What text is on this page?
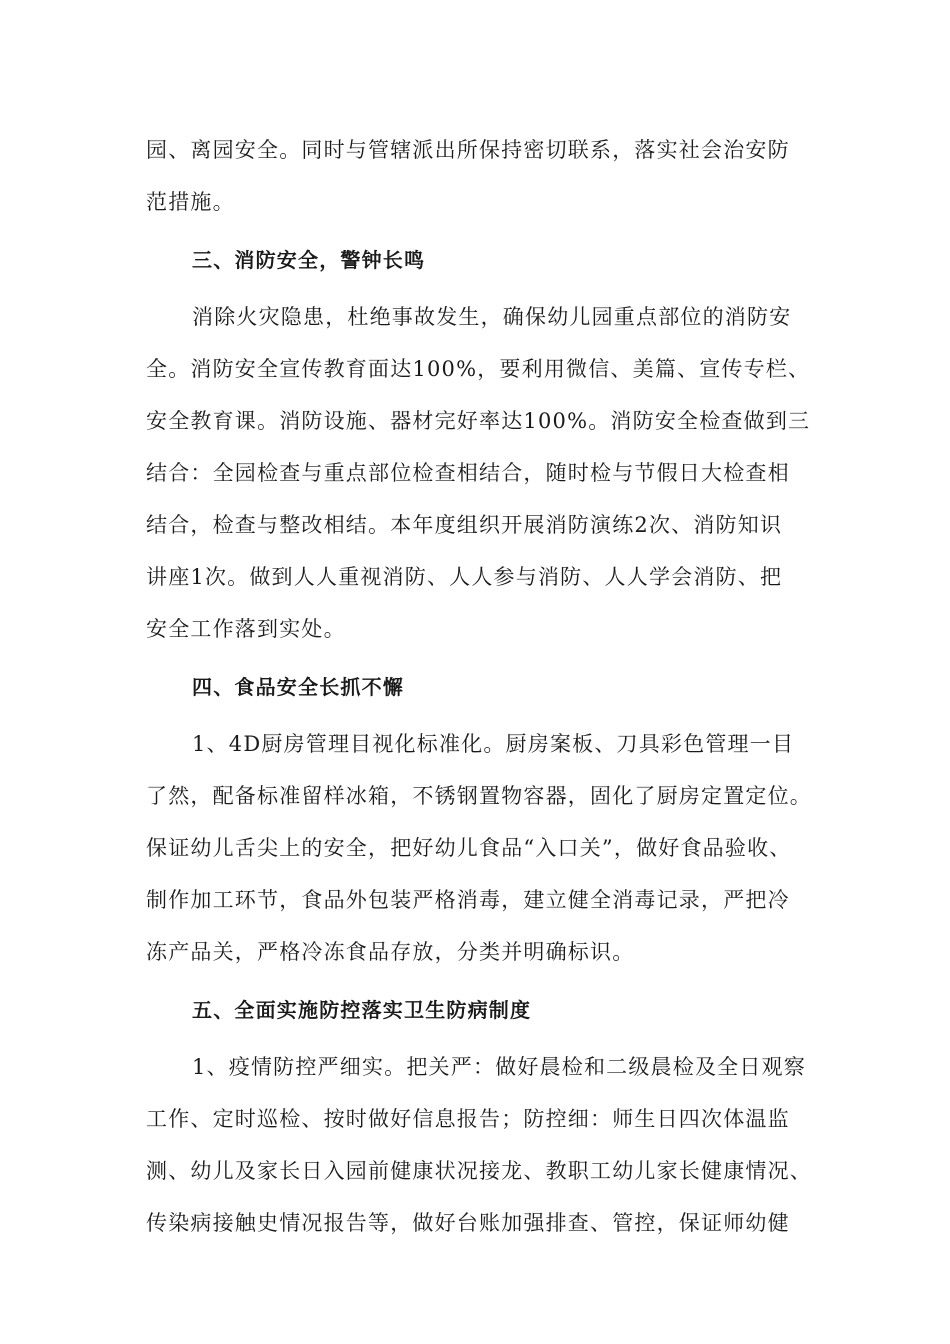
园、离园安全。同时与管辖派出所保持密切联系，落实社会治安防
范措施。
三、消防安全，警钟长鸣
消除火灾隐患，杜绝事故发生，确保幼儿园重点部位的消防安
全。消防安全宣传教育面达100%，要利用微信、美篇、宣传专栏、
安全教育课。消防设施、器材完好率达100%。消防安全检查做到三
结合：全园检查与重点部位检查相结合，随时检与节假日大检查相
结合，检查与整改相结。本年度组织开展消防演练2次、消防知识
讲座1次。做到人人重视消防、人人参与消防、人人学会消防、把
安全工作落到实处。
四、食品安全长抓不懈
1、4D厨房管理目视化标准化。厨房案板、刀具彩色管理一目
了然，配备标准留样冰箱，不锈钢置物容器，固化了厨房定置定位。
保证幼儿舌尖上的安全，把好幼儿食品“入口关”，做好食品验收、
制作加工环节，食品外包装严格消毒，建立健全消毒记录，严把冷
冻产品关，严格冷冻食品存放，分类并明确标识。
五、全面实施防控落实卫生防病制度
1、疫情防控严细实。把关严：做好晨检和二级晨检及全日观察
工作、定时巡检、按时做好信息报告；防控细：师生日四次体温监
测、幼儿及家长日入园前健康状况接龙、教职工幼儿家长健康情况、
传染病接触史情况报告等，做好台账加强排查、管控，保证师幼健
